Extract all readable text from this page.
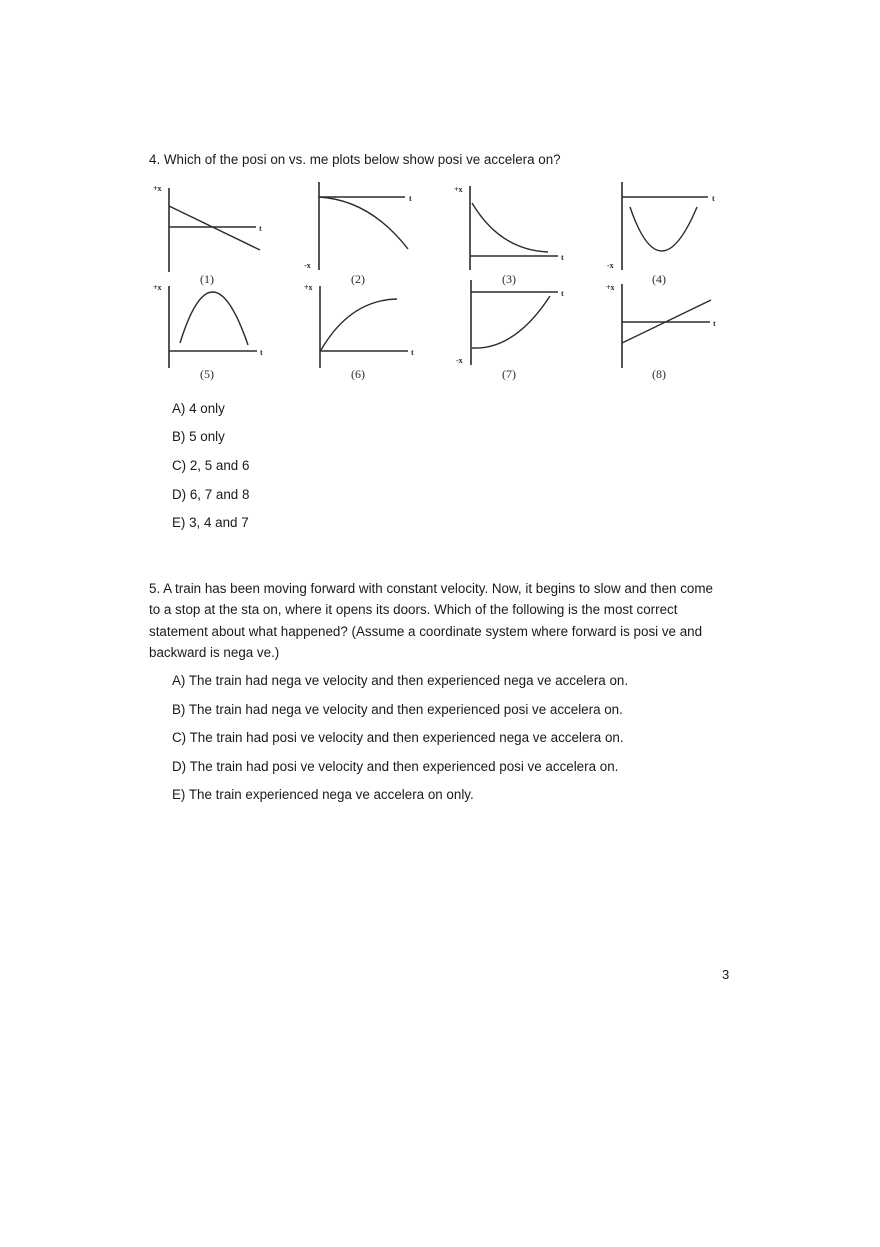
4. Which of the posi on vs. me plots below show posi ve accelera on?

+x
t
(1)
t
-x
(2)
+x
t
(3)
t
-x
(4)
+x
t
(5)
+x
t
(6)
t
-x
(7)
+x
t
(8)

A) 4 only

B) 5 only

C) 2, 5 and 6

D) 6, 7 and 8

E) 3, 4 and 7

5. A train has been moving forward with constant velocity. Now, it begins to slow and then come to a stop at the sta on, where it opens its doors. Which of the following is the most correct statement about what happened? (Assume a coordinate system where forward is posi ve and backward is nega ve.)

A) The train had nega ve velocity and then experienced nega ve accelera on.

B) The train had nega ve velocity and then experienced posi ve accelera on.

C) The train had posi ve velocity and then experienced nega ve accelera on.

D) The train had posi ve velocity and then experienced posi ve accelera on.

E) The train experienced nega ve accelera on only.

3
